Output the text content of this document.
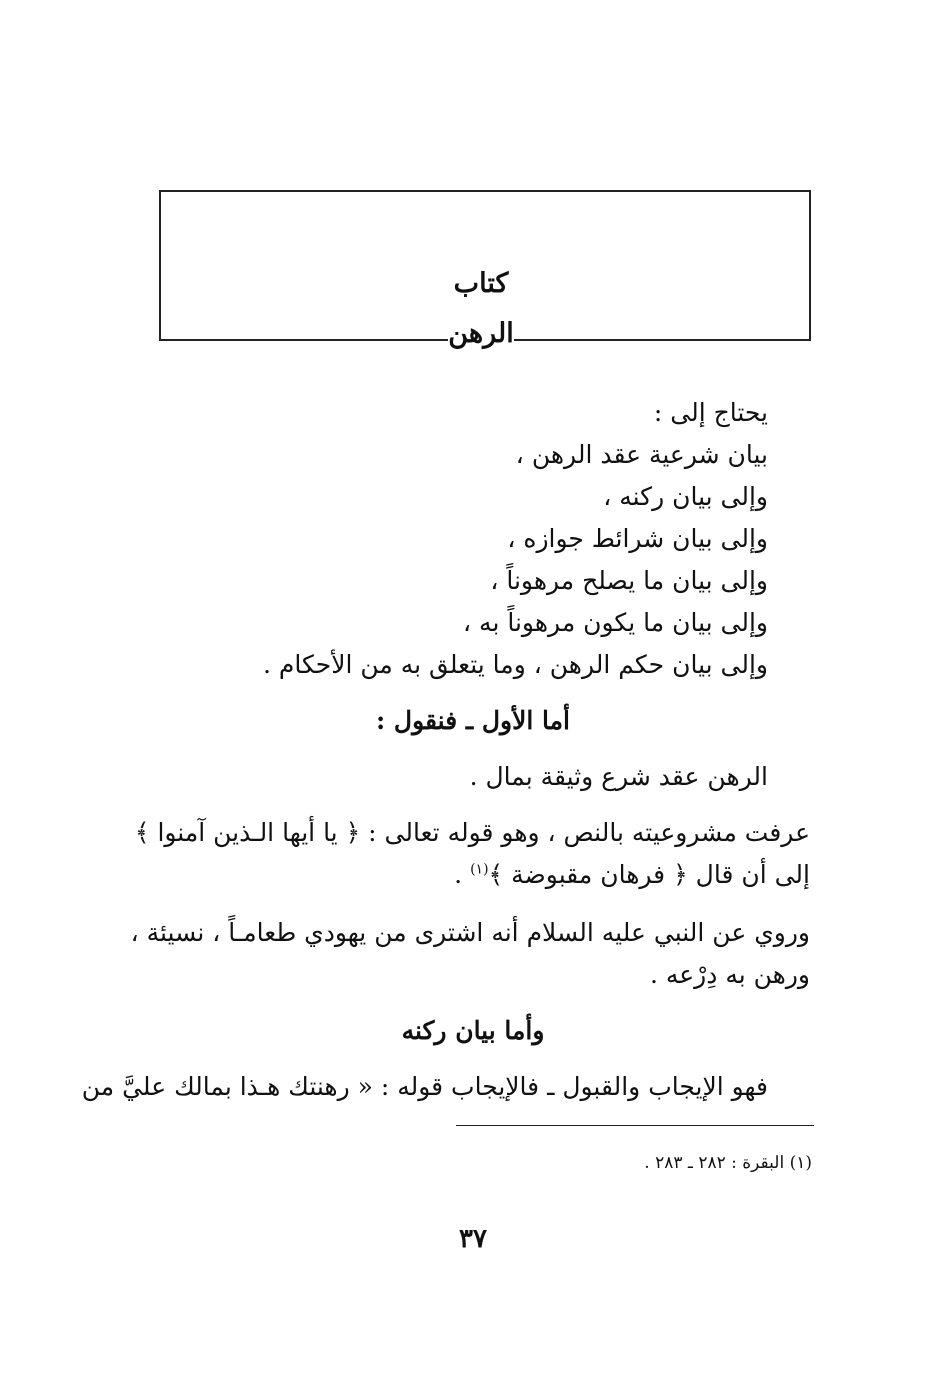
كتاب
الرهن
يحتاج إلى :
بيان شرعية عقد الرهن ،
وإلى بيان ركنه ،
وإلى بيان شرائط جوازه ،
وإلى بيان ما يصلح مرهوناً ،
وإلى بيان ما يكون مرهوناً به ،
وإلى بيان حكم الرهن ، وما يتعلق به من الأحكام .
أما الأول ـ فنقول :
الرهن عقد شرع وثيقة بمال .
عرفت مشروعيته بالنص ، وهو قوله تعالى : ﴿ يا أيها الـذين آمنوا ﴾
إلى أن قال ﴿ فرهان مقبوضة ﴾$^{(١)}$ .
وروي عن النبي عليه السلام أنه اشترى من يهودي طعامـاً ، نسيئة ،
ورهن به دِرْعه .
وأما بيان ركنه
فهو الإيجاب والقبول ـ فالإيجاب قوله : « رهنتك هـذا بمالك عليَّ من
(١) البقرة : ٢٨٢ ـ ٢٨٣ .
٣٧
